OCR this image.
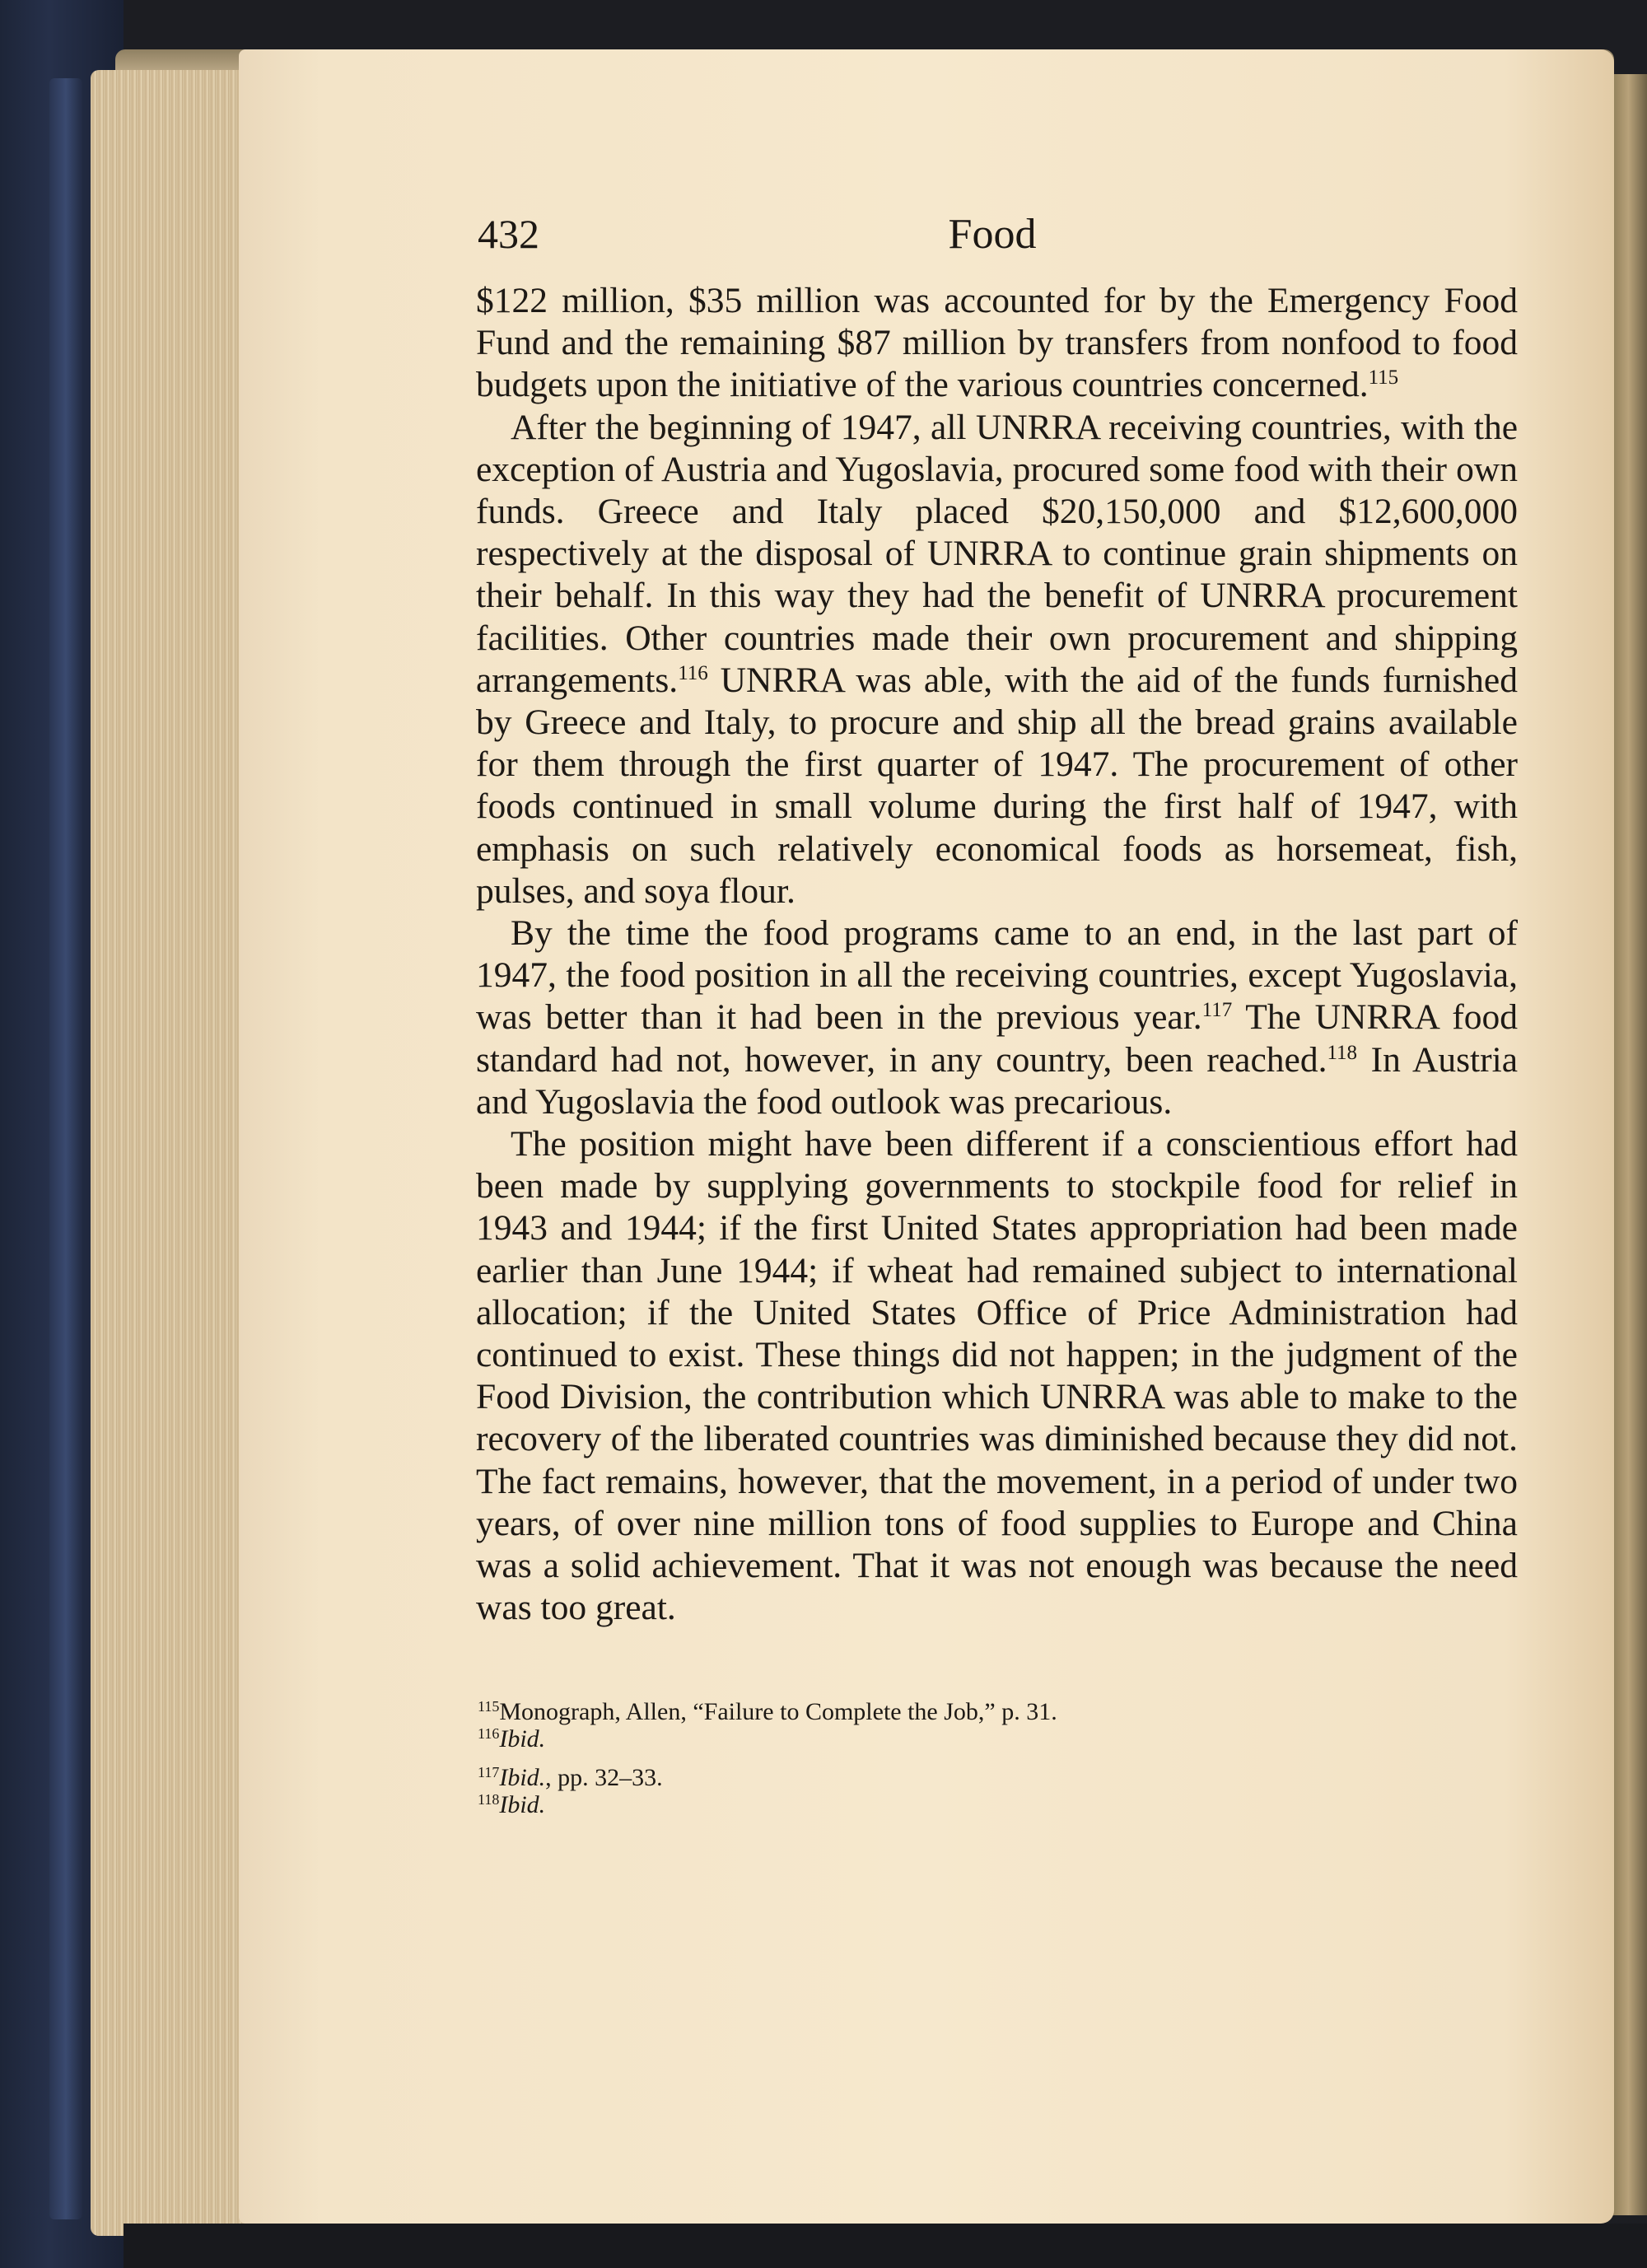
432	Food

$122 million, $35 million was accounted for by the Emergency Food Fund and the remaining $87 million by transfers from nonfood to food budgets upon the initiative of the various countries concerned.$^{115}$

After the beginning of 1947, all UNRRA receiving countries, with the exception of Austria and Yugoslavia, procured some food with their own funds. Greece and Italy placed $20,150,000 and $12,600,000 respectively at the disposal of UNRRA to continue grain shipments on their behalf. In this way they had the benefit of UNRRA procurement facilities. Other countries made their own procurement and shipping arrangements.$^{116}$ UNRRA was able, with the aid of the funds furnished by Greece and Italy, to procure and ship all the bread grains available for them through the first quarter of 1947. The procurement of other foods continued in small volume during the first half of 1947, with emphasis on such relatively economical foods as horsemeat, fish, pulses, and soya flour.

By the time the food programs came to an end, in the last part of 1947, the food position in all the receiving countries, except Yugoslavia, was better than it had been in the previous year.$^{117}$ The UNRRA food standard had not, however, in any country, been reached.$^{118}$ In Austria and Yugoslavia the food outlook was precarious.

The position might have been different if a conscientious effort had been made by supplying governments to stockpile food for relief in 1943 and 1944; if the first United States appropriation had been made earlier than June 1944; if wheat had remained subject to international allocation; if the United States Office of Price Administration had continued to exist. These things did not happen; in the judgment of the Food Division, the contribution which UNRRA was able to make to the recovery of the liberated countries was diminished because they did not. The fact remains, however, that the movement, in a period of under two years, of over nine million tons of food supplies to Europe and China was a solid achievement. That it was not enough was because the need was too great.

$^{115}$Monograph, Allen, “Failure to Complete the Job,” p. 31.

$^{116}$Ibid.

$^{117}$Ibid., pp. 32–33.

$^{118}$Ibid.
